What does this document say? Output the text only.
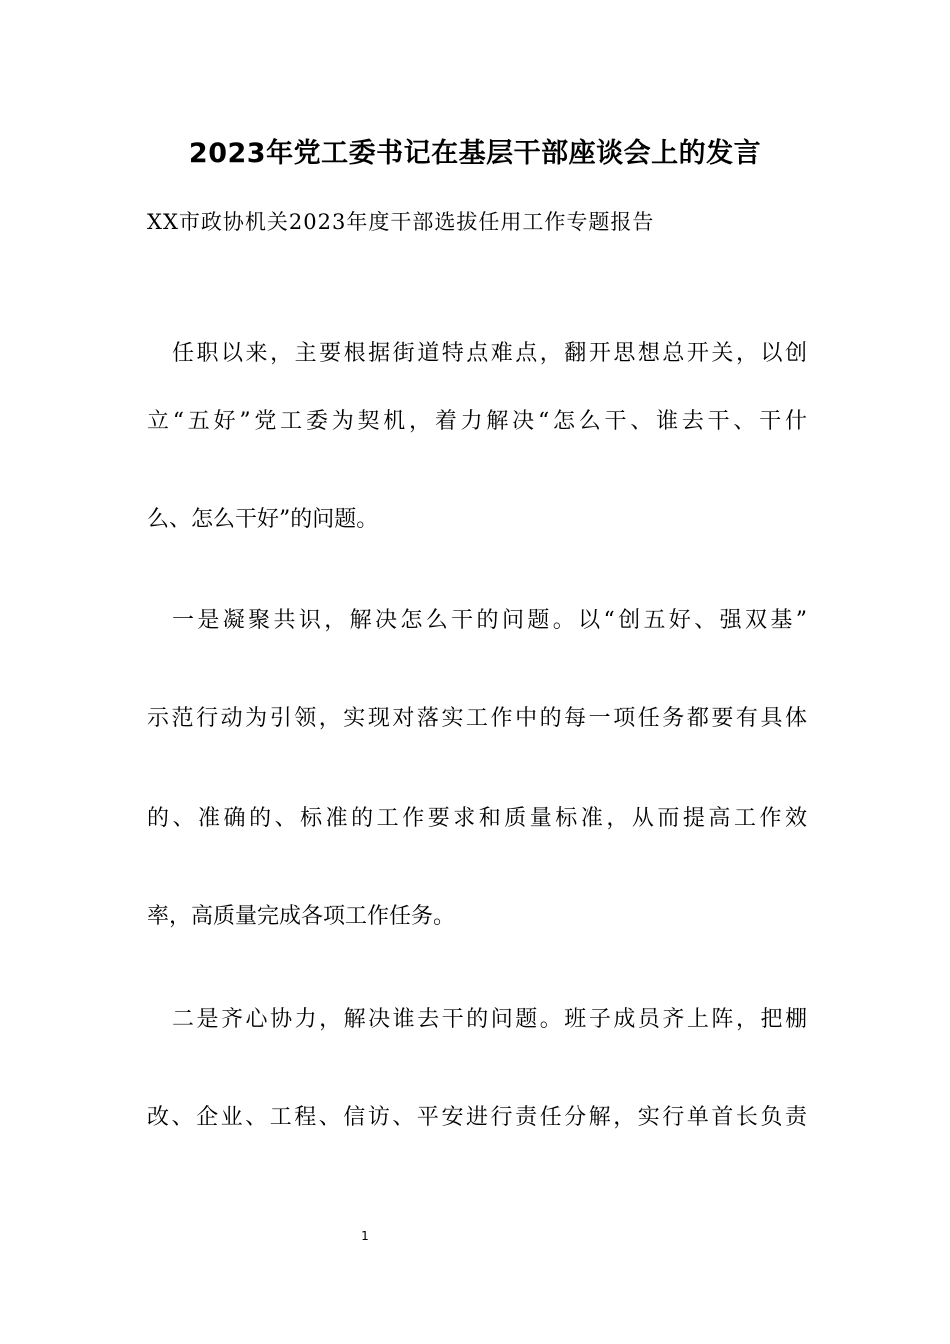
2023年党工委书记在基层干部座谈会上的发言
XX市政协机关2023年度干部选拔任用工作专题报告
任职以来，主要根据街道特点难点，翻开思想总开关，以创
立“五好”党工委为契机，着力解决“怎么干、谁去干、干什
么、怎么干好”的问题。
一是凝聚共识，解决怎么干的问题。以“创五好、强双基”
示范行动为引领，实现对落实工作中的每一项任务都要有具体
的、准确的、标准的工作要求和质量标准，从而提高工作效
率，高质量完成各项工作任务。
二是齐心协力，解决谁去干的问题。班子成员齐上阵，把棚
改、企业、工程、信访、平安进行责任分解，实行单首长负责
1
